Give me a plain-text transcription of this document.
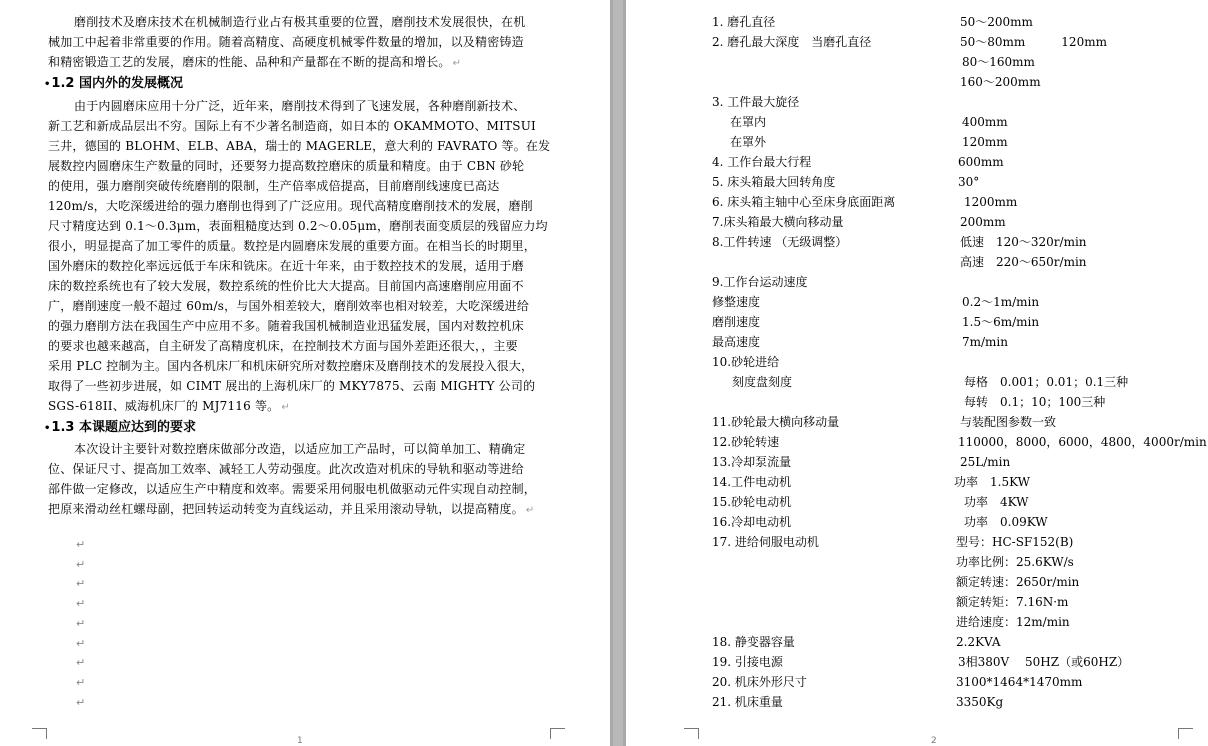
磨削技术及磨床技术在机械制造行业占有极其重要的位置，磨削技术发展很快，在机
械加工中起着非常重要的作用。随着高精度、高硬度机械零件数量的增加，以及精密铸造
和精密锻造工艺的发展，磨床的性能、品种和产量都在不断的提高和增长。 ↵
•1.2 国内外的发展概况
由于内圆磨床应用十分广泛，近年来，磨削技术得到了飞速发展，各种磨削新技术、
新工艺和新成品层出不穷。国际上有不少著名制造商，如日本的 OKAMMOTO、MITSUI
三井，德国的 BLOHM、ELB、ABA，瑞士的 MAGERLE，意大利的 FAVRATO 等。在发
展数控内圆磨床生产数量的同时，还要努力提高数控磨床的质量和精度。由于 CBN 砂轮
的使用，强力磨削突破传统磨削的限制，生产倍率成倍提高，目前磨削线速度已高达
120m/s，大吃深缓进给的强力磨削也得到了广泛应用。现代高精度磨削技术的发展，磨削
尺寸精度达到 0.1～0.3μm，表面粗糙度达到 0.2～0.05μm，磨削表面变质层的残留应力均
很小，明显提高了加工零件的质量。数控是内圆磨床发展的重要方面。在相当长的时期里，
国外磨床的数控化率远远低于车床和铣床。在近十年来，由于数控技术的发展，适用于磨
床的数控系统也有了较大发展，数控系统的性价比大大提高。目前国内高速磨削应用面不
广，磨削速度一般不超过 60m/s，与国外相差较大，磨削效率也相对较差，大吃深缓进给
的强力磨削方法在我国生产中应用不多。随着我国机械制造业迅猛发展，国内对数控机床
的要求也越来越高，自主研发了高精度机床，在控制技术方面与国外差距还很大，，主要
采用 PLC 控制为主。国内各机床厂和机床研究所对数控磨床及磨削技术的发展投入很大，
取得了一些初步进展，如 CIMT 展出的上海机床厂的 MKY7875、云南 MIGHTY 公司的
SGS-618II、威海机床厂的 MJ7116 等。 ↵
•1.3 本课题应达到的要求
本次设计主要针对数控磨床做部分改造，以适应加工产品时，可以简单加工、精确定
位、保证尺寸、提高加工效率、减轻工人劳动强度。此次改造对机床的导轨和驱动等进给
部件做一定修改，以适应生产中精度和效率。需要采用伺服电机做驱动元件实现自动控制，
把原来滑动丝杠螺母副，把回转运动转变为直线运动，并且采用滚动导轨，以提高精度。 ↵
↵
↵
↵
↵
↵
↵
↵
↵
↵
1
1. 磨孔直径	50～200mm
2. 磨孔最大深度　当磨孔直径	50～80mm　　　120mm
80～160mm
160～200mm
3. 工件最大旋径
在罩内	400mm
在罩外	120mm
4. 工作台最大行程	600mm
5. 床头箱最大回转角度	30°
6. 床头箱主轴中心至床身底面距离	1200mm
7.床头箱最大横向移动量	200mm
8.工件转速 （无级调整）	低速　120～320r/min
高速　220～650r/min
9.工作台运动速度
修整速度	0.2～1m/min
磨削速度	1.5～6m/min
最高速度	7m/min
10.砂轮进给
刻度盘刻度	每格　0.001；0.01；0.1三种
每转　0.1；10；100三种
11.砂轮最大横向移动量	与装配图参数一致
12.砂轮转速	110000，8000，6000，4800，4000r/min
13.冷却泵流量	25L/min
14.工件电动机	功率　1.5KW
15.砂轮电动机	功率　4KW
16.冷却电动机	功率　0.09KW
17. 进给伺服电动机	型号：HC-SF152(B)
功率比例：25.6KW/s
额定转速：2650r/min
额定转矩：7.16N·m
进给速度：12m/min
18. 静变器容量	2.2KVA
19. 引接电源	3相380V　 50HZ（或60HZ）
20. 机床外形尺寸	3100*1464*1470mm
21. 机床重量	3350Kg
2
